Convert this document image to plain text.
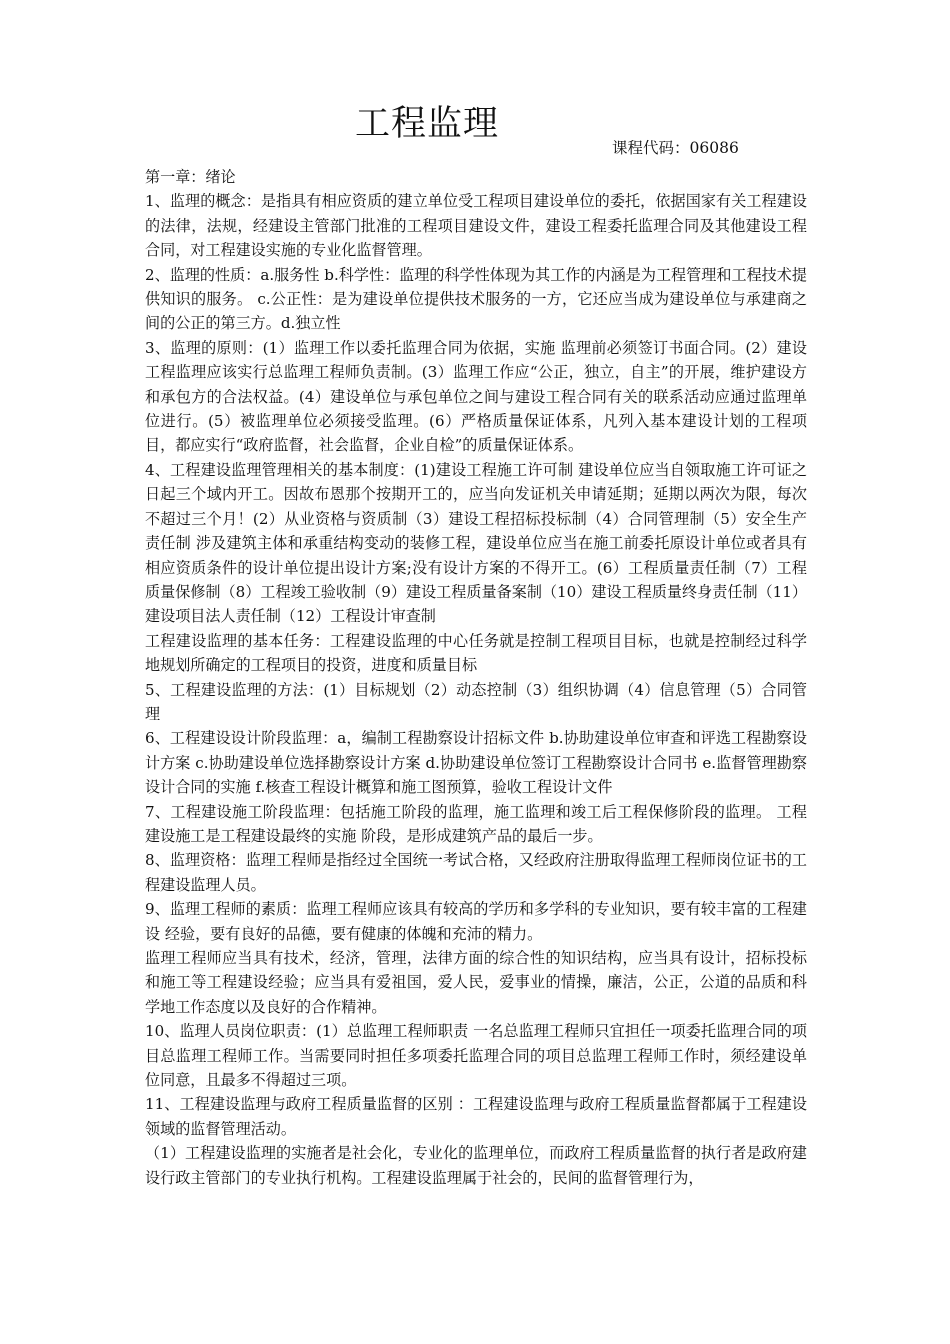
工程监理
课程代码：06086

第一章：绪论

1、监理的概念：是指具有相应资质的建立单位受工程项目建设单位的委托，依据国家有关工程建设的法律，法规，经建设主管部门批准的工程项目建设文件，建设工程委托监理合同及其他建设工程合同，对工程建设实施的专业化监督管理。

2、监理的性质：a.服务性 b.科学性：监理的科学性体现为其工作的内涵是为工程管理和工程技术提供知识的服务。 c.公正性：是为建设单位提供技术服务的一方，它还应当成为建设单位与承建商之间的公正的第三方。d.独立性

3、监理的原则：(1）监理工作以委托监理合同为依据，实施 监理前必须签订书面合同。(2）建设工程监理应该实行总监理工程师负责制。(3）监理工作应“公正，独立，自主”的开展，维护建设方和承包方的合法权益。(4）建设单位与承包单位之间与建设工程合同有关的联系活动应通过监理单位进行。(5）被监理单位必须接受监理。(6）严格质量保证体系，凡列入基本建设计划的工程项目，都应实行“政府监督，社会监督，企业自检”的质量保证体系。

4、工程建设监理管理相关的基本制度：(1)建设工程施工许可制 建设单位应当自领取施工许可证之日起三个域内开工。因故布恩那个按期开工的，应当向发证机关申请延期；延期以两次为限，每次不超过三个月！(2）从业资格与资质制（3）建设工程招标投标制（4）合同管理制（5）安全生产责任制 涉及建筑主体和承重结构变动的装修工程，建设单位应当在施工前委托原设计单位或者具有相应资质条件的设计单位提出设计方案;没有设计方案的不得开工。(6）工程质量责任制（7）工程质量保修制（8）工程竣工验收制（9）建设工程质量备案制（10）建设工程质量终身责任制（11）建设项目法人责任制（12）工程设计审查制

工程建设监理的基本任务：工程建设监理的中心任务就是控制工程项目目标，也就是控制经过科学地规划所确定的工程项目的投资，进度和质量目标

5、工程建设监理的方法：(1）目标规划（2）动态控制（3）组织协调（4）信息管理（5）合同管理

6、工程建设设计阶段监理：a，编制工程勘察设计招标文件 b.协助建设单位审查和评选工程勘察设计方案 c.协助建设单位选择勘察设计方案 d.协助建设单位签订工程勘察设计合同书 e.监督管理勘察设计合同的实施 f.核查工程设计概算和施工图预算，验收工程设计文件

7、工程建设施工阶段监理：包括施工阶段的监理，施工监理和竣工后工程保修阶段的监理。 工程建设施工是工程建设最终的实施 阶段，是形成建筑产品的最后一步。

8、监理资格：监理工程师是指经过全国统一考试合格，又经政府注册取得监理工程师岗位证书的工程建设监理人员。

9、监理工程师的素质：监理工程师应该具有较高的学历和多学科的专业知识，要有较丰富的工程建设 经验，要有良好的品德，要有健康的体魄和充沛的精力。

监理工程师应当具有技术，经济，管理，法律方面的综合性的知识结构，应当具有设计，招标投标和施工等工程建设经验；应当具有爱祖国，爱人民，爱事业的情操，廉洁，公正，公道的品质和科学地工作态度以及良好的合作精神。

10、监理人员岗位职责：(1）总监理工程师职责 一名总监理工程师只宜担任一项委托监理合同的项目总监理工程师工作。当需要同时担任多项委托监理合同的项目总监理工程师工作时，须经建设单位同意，且最多不得超过三项。

11、工程建设监理与政府工程质量监督的区别 ：工程建设监理与政府工程质量监督都属于工程建设领域的监督管理活动。

（1）工程建设监理的实施者是社会化，专业化的监理单位，而政府工程质量监督的执行者是政府建设行政主管部门的专业执行机构。工程建设监理属于社会的，民间的监督管理行为，
